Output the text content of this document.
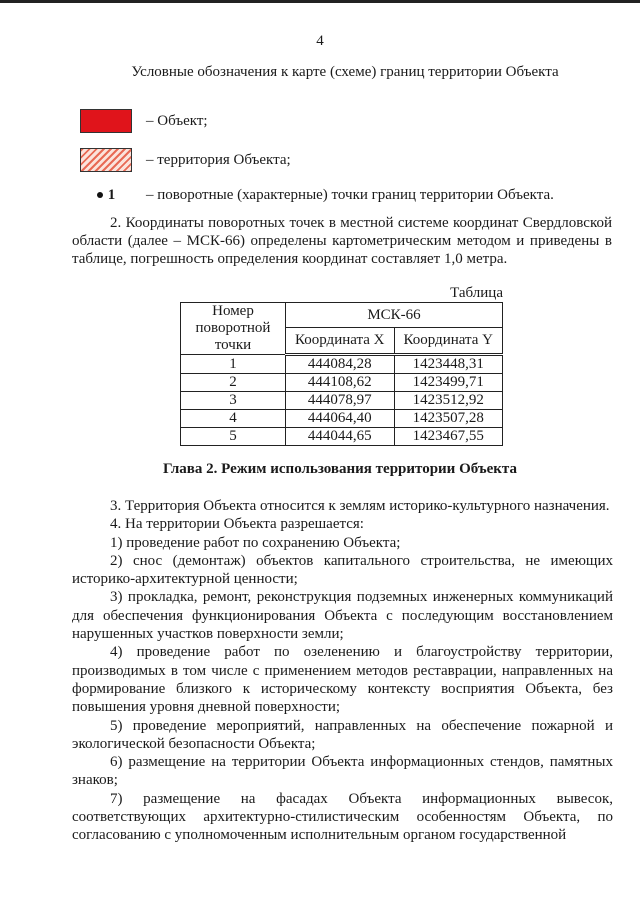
4
Условные обозначения к карте (схеме) границ территории Объекта
– Объект;
– территория Объекта;
1 – поворотные (характерные) точки границ территории Объекта.
2. Координаты поворотных точек в местной системе координат Свердловской области (далее – МСК-66) определены картометрическим методом и приведены в таблице, погрешность определения координат составляет 1,0 метра.
Таблица
Номер поворотной точки	МСК-66	
	Координата X	Координата Y
1	444084,28	1423448,31
2	444108,62	1423499,71
3	444078,97	1423512,92
4	444064,40	1423507,28
5	444044,65	1423467,55
Глава 2. Режим использования территории Объекта

3. Территория Объекта относится к землям историко-культурного назначения.

4. На территории Объекта разрешается:

1) проведение работ по сохранению Объекта;

2) снос (демонтаж) объектов капитального строительства, не имеющих историко-архитектурной ценности;

3) прокладка, ремонт, реконструкция подземных инженерных коммуникаций для обеспечения функционирования Объекта с последующим восстановлением нарушенных участков поверхности земли;

4) проведение работ по озеленению и благоустройству территории, производимых в том числе с применением методов реставрации, направленных на формирование близкого к историческому контексту восприятия Объекта, без повышения уровня дневной поверхности;

5) проведение мероприятий, направленных на обеспечение пожарной и экологической безопасности Объекта;

6) размещение на территории Объекта информационных стендов, памятных знаков;

7) размещение на фасадах Объекта информационных вывесок, соответствующих архитектурно-стилистическим особенностям Объекта, по согласованию с уполномоченным исполнительным органом государственной
